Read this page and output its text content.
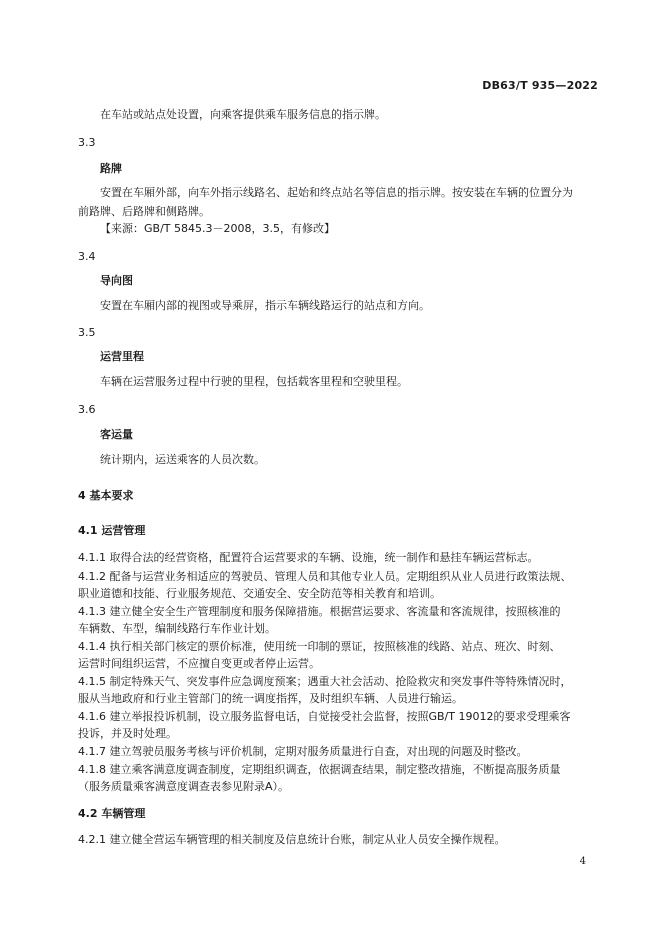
DB63/T 935—2022
在车站或站点处设置，向乘客提供乘车服务信息的指示牌。
3.3
路牌
安置在车厢外部，向车外指示线路名、起始和终点站名等信息的指示牌。按安装在车辆的位置分为
前路牌、后路牌和侧路牌。
【来源：GB/T 5845.3－2008，3.5，有修改】
3.4
导向图
安置在车厢内部的视图或导乘屏，指示车辆线路运行的站点和方向。
3.5
运营里程
车辆在运营服务过程中行驶的里程，包括载客里程和空驶里程。
3.6
客运量
统计期内，运送乘客的人员次数。
4 基本要求
4.1 运营管理
4.1.1 取得合法的经营资格，配置符合运营要求的车辆、设施，统一制作和悬挂车辆运营标志。
4.1.2 配备与运营业务相适应的驾驶员、管理人员和其他专业人员。定期组织从业人员进行政策法规、
职业道德和技能、行业服务规范、交通安全、安全防范等相关教育和培训。
4.1.3 建立健全安全生产管理制度和服务保障措施。根据营运要求、客流量和客流规律，按照核准的
车辆数、车型，编制线路行车作业计划。
4.1.4 执行相关部门核定的票价标准，使用统一印制的票证，按照核准的线路、站点、班次、时刻、
运营时间组织运营，不应擅自变更或者停止运营。
4.1.5 制定特殊天气、突发事件应急调度预案；遇重大社会活动、抢险救灾和突发事件等特殊情况时，
服从当地政府和行业主管部门的统一调度指挥，及时组织车辆、人员进行输运。
4.1.6 建立举报投诉机制，设立服务监督电话，自觉接受社会监督，按照GB/T 19012的要求受理乘客
投诉，并及时处理。
4.1.7 建立驾驶员服务考核与评价机制，定期对服务质量进行自查，对出现的问题及时整改。
4.1.8 建立乘客满意度调查制度，定期组织调查，依据调查结果，制定整改措施，不断提高服务质量
（服务质量乘客满意度调查表参见附录A）。
4.2 车辆管理
4.2.1 建立健全营运车辆管理的相关制度及信息统计台账，制定从业人员安全操作规程。
4
